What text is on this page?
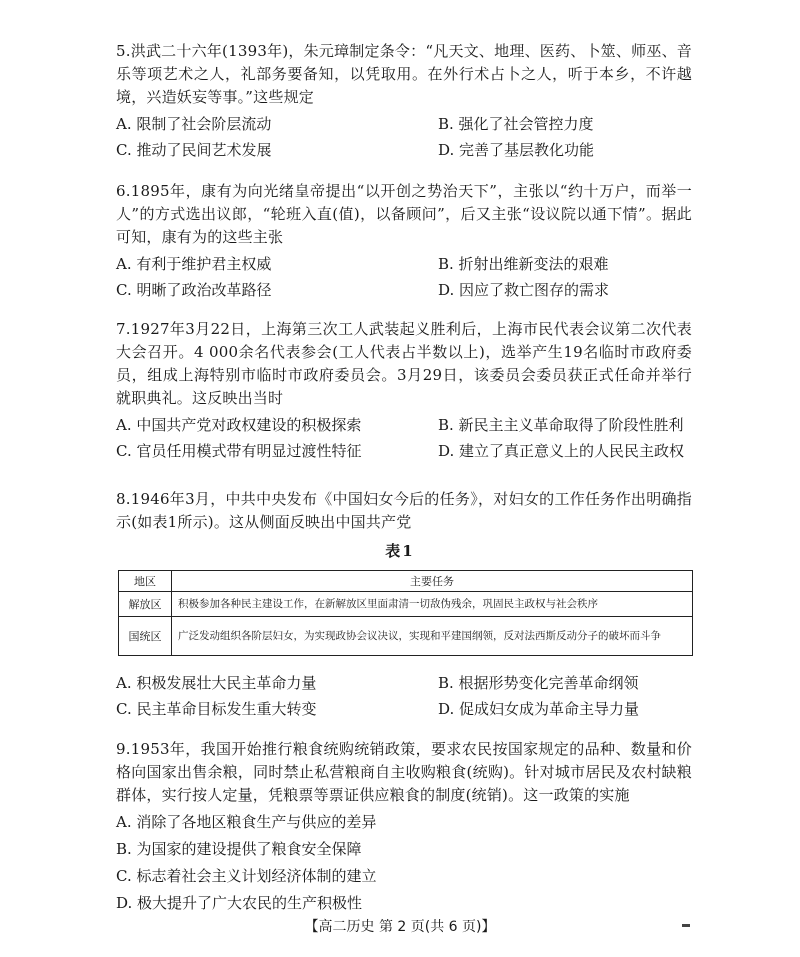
5.洪武二十六年(1393年)，朱元璋制定条令：“凡天文、地理、医药、卜筮、师巫、音乐等项艺术之人，礼部务要备知，以凭取用。在外行术占卜之人，听于本乡，不许越境，兴造妖妄等事。”这些规定

A. 限制了社会阶层流动	B. 强化了社会管控力度
C. 推动了民间艺术发展	D. 完善了基层教化功能

6.1895年，康有为向光绪皇帝提出“以开创之势治天下”，主张以“约十万户，而举一人”的方式选出议郎，“轮班入直(值)，以备顾问”，后又主张“设议院以通下情”。据此可知，康有为的这些主张

A. 有利于维护君主权威	B. 折射出维新变法的艰难
C. 明晰了政治改革路径	D. 因应了救亡图存的需求

7.1927年3月22日，上海第三次工人武装起义胜利后，上海市民代表会议第二次代表大会召开。4 000余名代表参会(工人代表占半数以上)，选举产生19名临时市政府委员，组成上海特别市临时市政府委员会。3月29日，该委员会委员获正式任命并举行就职典礼。这反映出当时

A. 中国共产党对政权建设的积极探索	B. 新民主主义革命取得了阶段性胜利
C. 官员任用模式带有明显过渡性特征	D. 建立了真正意义上的人民民主政权

8.1946年3月，中共中央发布《中国妇女今后的任务》，对妇女的工作任务作出明确指示(如表1所示)。这从侧面反映出中国共产党

表1
地区	主要任务
解放区	积极参加各种民主建设工作，在新解放区里面肃清一切敌伪残余，巩固民主政权与社会秩序
国统区	广泛发动组织各阶层妇女，为实现政协会议决议，实现和平建国纲领，反对法西斯反动分子的破坏而斗争
A. 积极发展壮大民主革命力量	B. 根据形势变化完善革命纲领
C. 民主革命目标发生重大转变	D. 促成妇女成为革命主导力量

9.1953年，我国开始推行粮食统购统销政策，要求农民按国家规定的品种、数量和价格向国家出售余粮，同时禁止私营粮商自主收购粮食(统购)。针对城市居民及农村缺粮群体，实行按人定量，凭粮票等票证供应粮食的制度(统销)。这一政策的实施

A. 消除了各地区粮食生产与供应的差异
B. 为国家的建设提供了粮食安全保障
C. 标志着社会主义计划经济体制的建立
D. 极大提升了广大农民的生产积极性
【高二历史 第 2 页(共 6 页)】
